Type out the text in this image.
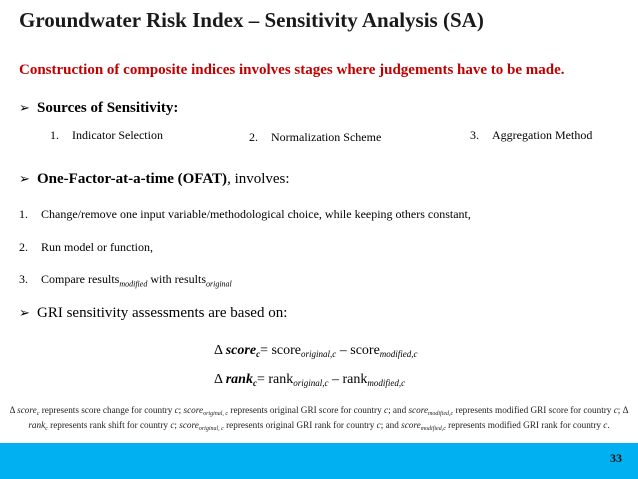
Groundwater Risk Index – Sensitivity Analysis (SA)
Construction of composite indices involves stages where judgements have to be made.
➢ Sources of Sensitivity:
1. Indicator Selection	2. Normalization Scheme	3. Aggregation Method
➢ One-Factor-at-a-time (OFAT), involves:
1. Change/remove one input variable/methodological choice, while keeping others constant,
2. Run model or function,
3. Compare results$_{modified}$ with results$_{original}$
➢ GRI sensitivity assessments are based on:
Δ score$_c$= score$_{original,c}$ – score$_{modified,c}$
Δ rank$_c$= rank$_{original,c}$ – rank$_{modified,c}$
Δ score$_c$ represents score change for country c; score$_{original, c}$ represents original GRI score for country c; and score$_{modified,c}$ represents modified GRI score for country c; Δ rank$_c$ represents rank shift for country c; score$_{original, c}$ represents original GRI rank for country c; and score$_{modified,c}$ represents modified GRI rank for country c.
33
